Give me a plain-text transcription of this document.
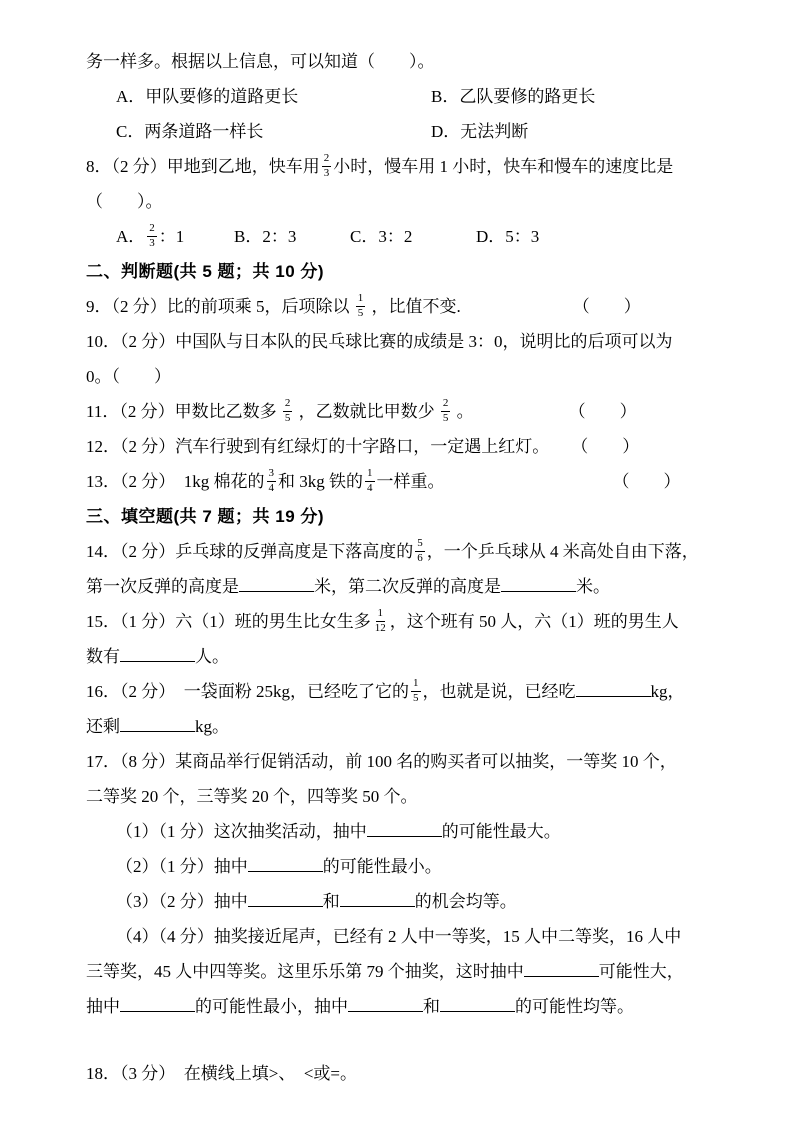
务一样多。根据以上信息，可以知道（　　）。

A．甲队要修的道路更长	B．乙队要修的路更长
C．两条道路一样长	D．无法判断

8．（2 分）甲地到乙地，快车用 $\frac{2}{3}$ 小时，慢车用 1 小时，快车和慢车的速度比是

（　　）。

A． $\frac{2}{3}$ ：1	B．2：3	C．3：2	D．5：3

二、判断题(共 5 题；共 10 分)

9．（2 分）比的前项乘 5，后项除以 $\frac{1}{5}$ ，比值不变.	（　　）

10．（2 分）中国队与日本队的民乓球比赛的成绩是 3：0，说明比的后项可以为

0。（　　）

11．（2 分）甲数比乙数多 $\frac{2}{5}$ ，乙数就比甲数少 $\frac{2}{5}$ 。	（　　）

12．（2 分）汽车行驶到有红绿灯的十字路口，一定遇上红灯。 （　　）

13．（2 分）　1kg 棉花的 $\frac{3}{4}$ 和 3kg 铁的 $\frac{1}{4}$ 一样重。	（　　）

三、填空题(共 7 题；共 19 分)

14．（2 分）乒乓球的反弹高度是下落高度的 $\frac{5}{6}$ ，一个乒乓球从 4 米高处自由下落，

第一次反弹的高度是	米，第二次反弹的高度是	米。

15．（1 分）六（1）班的男生比女生多 $\frac{1}{12}$ ，这个班有 50 人，六（1）班的男生人

数有	人。

16．（2 分）　一袋面粉 25kg，已经吃了它的 $\frac{1}{5}$ ，也就是说，已经吃	kg，

还剩	kg。

17．（8 分）某商品举行促销活动，前 100 名的购买者可以抽奖，一等奖 10 个，

二等奖 20 个，三等奖 20 个，四等奖 50 个。

（1）（1 分）这次抽奖活动，抽中	的可能性最大。

（2）（1 分）抽中	的可能性最小。

（3）（2 分）抽中	和	的机会均等。

（4）（4 分）抽奖接近尾声，已经有 2 人中一等奖，15 人中二等奖，16 人中

三等奖，45 人中四等奖。这里乐乐第 79 个抽奖，这时抽中	可能性大，

抽中	的可能性最小，抽中	和	的可能性均等。

18．（3 分）　在横线上填>、　<或=。
